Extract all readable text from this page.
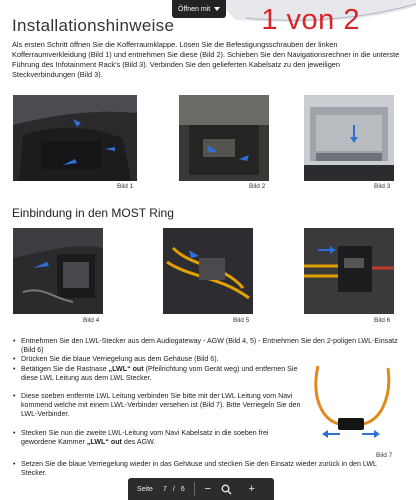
Öffnen mit 1 von 2
Installationshinweise

Als ersten Schritt öffnen Sie die Kofferraumklappe. Lösen Sie die Befestigungsschrauben der linken Kofferraumverkleidung (Bild 1) und entnehmen Sie diese (Bild 2). Schieben Sie den Navigationsrechner in die unterste Führung des Infotainment Rack's (Bild 3). Verbinden Sie den gelieferten Kabelsatz zu den jeweiligen Steckverbindungen (Bild 3).

Bild 1	Bild 2	Bild 3
Einbindung in den MOST Ring
Bild 4	Bild 5	Bild 6
Bild 7
• Entnehmen Sie den LWL-Stecker aus dem Audiogateway - AGW (Bild 4, 5) - Entnehmen Sie den 2-poligen LWL-Einsatz (Bild 6)
• Drücken Sie die blaue Verriegelung aus dem Gehäuse (Bild 6).
• Betätigen Sie die Rastnase „LWL“ out (Pfeilrichtung vom Gerät weg) und entfernen Sie diese LWL Leitung aus dem LWL Stecker.
• Diese soeben entfernte LWL Leitung verbinden Sie bitte mit der LWL Leitung vom Navi kommend welche mit einem LWL-Verbinder versehen ist (Bild 7). Bitte Verriegeln Sie den LWL-Verbinder.
• Stecken Sie nun die zweite LWL-Leitung vom Navi Kabelsatz in die soeben frei gewordene Kammer „LWL“ out des AGW.
• Setzen Sie die blaue Verriegelung wieder in das Gehäuse und stecken Sie den Einsatz wieder zurück in den LWL Stecker.
Seite 7 / 6	−	+
